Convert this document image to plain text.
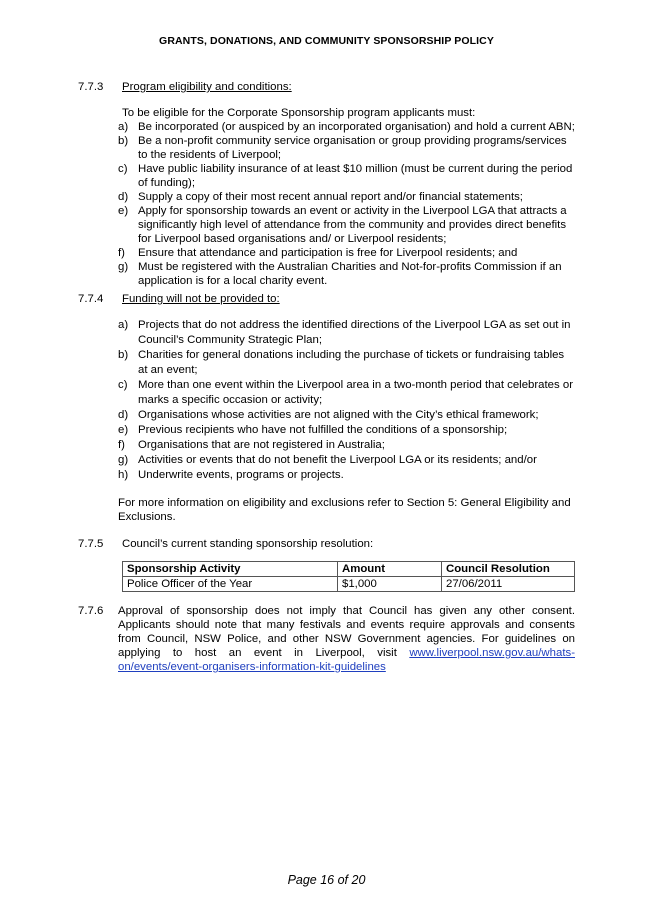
GRANTS, DONATIONS, AND COMMUNITY SPONSORSHIP POLICY
7.7.3 Program eligibility and conditions:
To be eligible for the Corporate Sponsorship program applicants must:
a) Be incorporated (or auspiced by an incorporated organisation) and hold a current ABN;
b) Be a non-profit community service organisation or group providing programs/services to the residents of Liverpool;
c) Have public liability insurance of at least $10 million (must be current during the period of funding);
d) Supply a copy of their most recent annual report and/or financial statements;
e) Apply for sponsorship towards an event or activity in the Liverpool LGA that attracts a significantly high level of attendance from the community and provides direct benefits for Liverpool based organisations and/ or Liverpool residents;
f) Ensure that attendance and participation is free for Liverpool residents; and
g) Must be registered with the Australian Charities and Not-for-profits Commission if an application is for a local charity event.
7.7.4 Funding will not be provided to:
a) Projects that do not address the identified directions of the Liverpool LGA as set out in Council’s Community Strategic Plan;
b) Charities for general donations including the purchase of tickets or fundraising tables at an event;
c) More than one event within the Liverpool area in a two-month period that celebrates or marks a specific occasion or activity;
d) Organisations whose activities are not aligned with the City’s ethical framework;
e) Previous recipients who have not fulfilled the conditions of a sponsorship;
f) Organisations that are not registered in Australia;
g) Activities or events that do not benefit the Liverpool LGA or its residents; and/or
h) Underwrite events, programs or projects.
For more information on eligibility and exclusions refer to Section 5: General Eligibility and Exclusions.
7.7.5 Council’s current standing sponsorship resolution:
Sponsorship Activity	Amount	Council Resolution
Police Officer of the Year	$1,000	27/06/2011
7.7.6 Approval of sponsorship does not imply that Council has given any other consent. Applicants should note that many festivals and events require approvals and consents from Council, NSW Police, and other NSW Government agencies. For guidelines on applying to host an event in Liverpool, visit www.liverpool.nsw.gov.au/whats-on/events/event-organisers-information-kit-guidelines
Page 16 of 20
